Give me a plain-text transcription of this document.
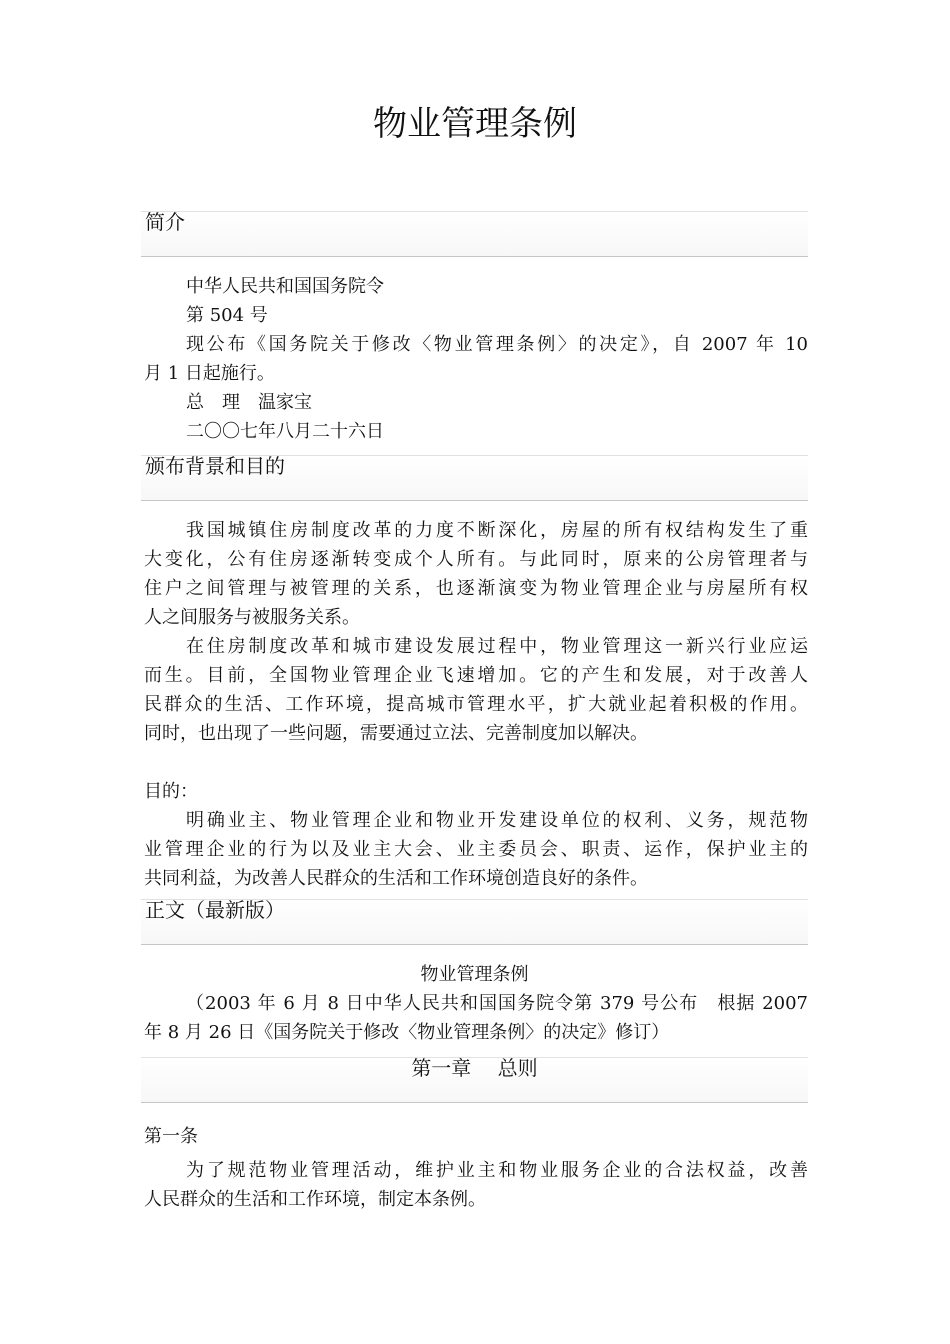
物业管理条例
简介
中华人民共和国国务院令
第 504 号
现公布《国务院关于修改〈物业管理条例〉的决定》，自 2007 年 10
月 1 日起施行。
总　理　温家宝
二〇〇七年八月二十六日
颁布背景和目的
我国城镇住房制度改革的力度不断深化，房屋的所有权结构发生了重
大变化，公有住房逐渐转变成个人所有。与此同时，原来的公房管理者与
住户之间管理与被管理的关系，也逐渐演变为物业管理企业与房屋所有权
人之间服务与被服务关系。
在住房制度改革和城市建设发展过程中，物业管理这一新兴行业应运
而生。目前，全国物业管理企业飞速增加。它的产生和发展，对于改善人
民群众的生活、工作环境，提高城市管理水平，扩大就业起着积极的作用。
同时，也出现了一些问题，需要通过立法、完善制度加以解决。
目的：
明确业主、物业管理企业和物业开发建设单位的权利、义务，规范物
业管理企业的行为以及业主大会、业主委员会、职责、运作，保护业主的
共同利益，为改善人民群众的生活和工作环境创造良好的条件。
正文（最新版）
物业管理条例
（2003 年 6 月 8 日中华人民共和国国务院令第 379 号公布　根据 2007
年 8 月 26 日《国务院关于修改〈物业管理条例〉的决定》修订）
第一章　 总则
第一条
为了规范物业管理活动，维护业主和物业服务企业的合法权益，改善
人民群众的生活和工作环境，制定本条例。
